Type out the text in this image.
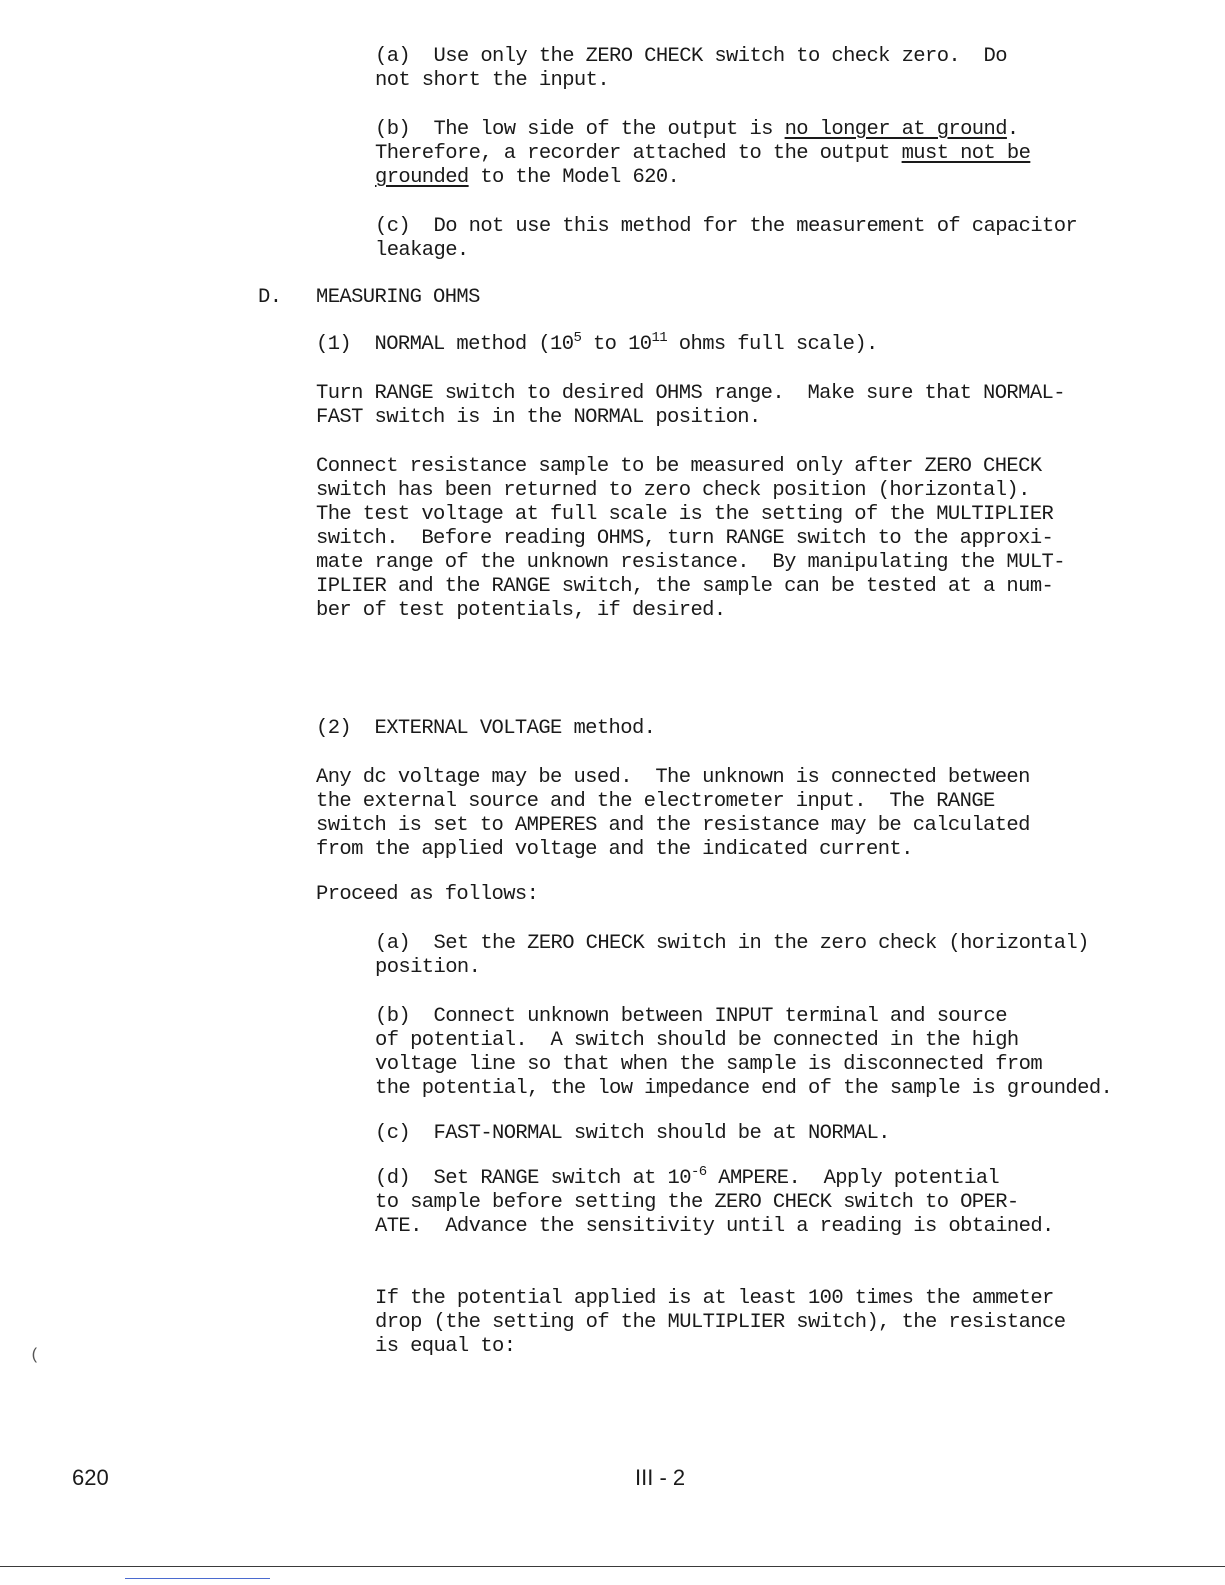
(a)  Use only the ZERO CHECK switch to check zero.  Do
not short the input.
(b)  The low side of the output is no longer at ground.
Therefore, a recorder attached to the output must not be
grounded to the Model 620.
(c)  Do not use this method for the measurement of capacitor
leakage.
D. MEASURING OHMS
(1)  NORMAL method ($10^5$ to $10^{11}$ ohms full scale).
Turn RANGE switch to desired OHMS range.  Make sure that NORMAL-
FAST switch is in the NORMAL position.
Connect resistance sample to be measured only after ZERO CHECK
switch has been returned to zero check position (horizontal).
The test voltage at full scale is the setting of the MULTIPLIER
switch.  Before reading OHMS, turn RANGE switch to the approxi-
mate range of the unknown resistance.  By manipulating the MULT-
IPLIER and the RANGE switch, the sample can be tested at a num-
ber of test potentials, if desired.
(2)  EXTERNAL VOLTAGE method.
Any dc voltage may be used.  The unknown is connected between
the external source and the electrometer input.  The RANGE
switch is set to AMPERES and the resistance may be calculated
from the applied voltage and the indicated current.
Proceed as follows:
(a)  Set the ZERO CHECK switch in the zero check (horizontal)
position.
(b)  Connect unknown between INPUT terminal and source
of potential.  A switch should be connected in the high
voltage line so that when the sample is disconnected from
the potential, the low impedance end of the sample is grounded.
(c)  FAST-NORMAL switch should be at NORMAL.
(d)  Set RANGE switch at $10^{-6}$ AMPERE.  Apply potential
to sample before setting the ZERO CHECK switch to OPER-
ATE.  Advance the sensitivity until a reading is obtained.
If the potential applied is at least 100 times the ammeter
drop (the setting of the MULTIPLIER switch), the resistance
is equal to:
(
620	III - 2
